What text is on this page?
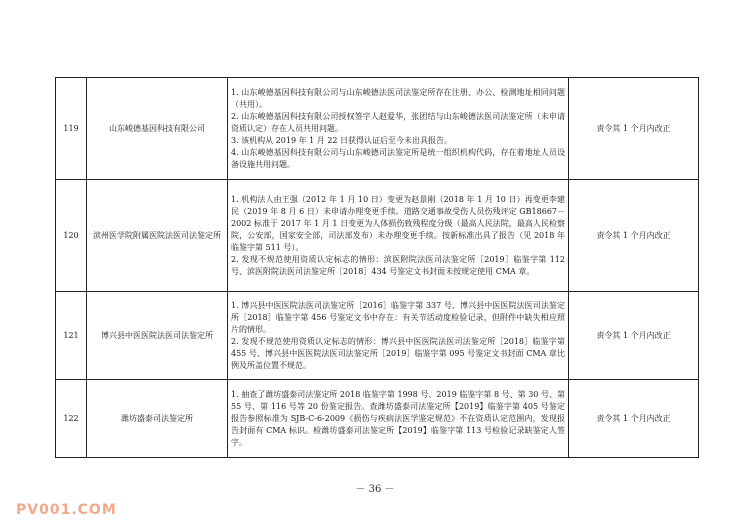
119	山东峻德基因科技有限公司	1. 山东峻德基因科技有限公司与山东峻德法医司法鉴定所存在注册、办公、检测地址相同问题（共用）。
2. 山东峻德基因科技有限公司授权签字人赵爱华，张团结与山东峻德法医司法鉴定所（未申请资质认定）存在人员共用问题。
3. 该机构从 2019 年 1 月 22 日获得认证后至今未出具报告。
4. 山东峻德基因科技有限公司与山东峻德司法鉴定所是统一组织机构代码，存在着地址人员设备设施共用问题。	责令其 1 个月内改正
120	滨州医学院附属医院法医司法鉴定所	1. 机构法人由王强（2012 年 1 月 10 日）变更为赵景刚（2018 年 1 月 10 日）再变更李建民（2019 年 8 月 6 日）未申请办理变更手续。道路交通事故受伤人员伤残评定 GB18667－2002 标准于 2017 年 1 月 1 日变更为人体损伤致残程度分级（最高人民法院，最高人民检察院，公安部，国家安全部，司法部发布）未办理变更手续。按新标准出具了报告（见 2018 年临鉴字第 511 号）。
2. 发现不规范使用资质认定标志的情形：滨医附院法医司法鉴定所［2019］临鉴字第 112 号、滨医附院法医司法鉴定所［2018］434 号鉴定文书封面未按规定使用 CMA 章。	责令其 1 个月内改正
121	博兴县中医医院法医司法鉴定所	1. 博兴县中医医院法医司法鉴定所［2016］临鉴字第 337 号、博兴县中医医院法医司法鉴定所［2018］临鉴字第 456 号鉴定文书中存在：有关节活动度检验记录，但附件中缺失相应照片的情形。
2. 发现不规范使用资质认定标志的情形：博兴县中医医院法医司法鉴定所［2018］临鉴字第 455 号、博兴县中医医院法医司法鉴定所［2019］临鉴字第 095 号鉴定文书封面 CMA 章比例及所盖位置不规范。	责令其 1 个月内改正
122	潍坊盛泰司法鉴定所	1. 抽查了潍坊盛泰司法鉴定所 2018 临鉴字第 1998 号、2019 临鉴字第 8 号、第 30 号、第 55 号、第 116 号等 20 份鉴定报告。查潍坊盛泰司法鉴定所【2019】临鉴字第 405 号鉴定报告参照标准为 SJB-C-6-2009《损伤与疾病法医学鉴定规范》不在资质认定范围内，发现报告封面有 CMA 标识。检潍坊盛泰司法鉴定所【2019】临鉴字第 113 号检验记录缺鉴定人签字。	责令其 1 个月内改正
－ 36 －
PV001.COM
